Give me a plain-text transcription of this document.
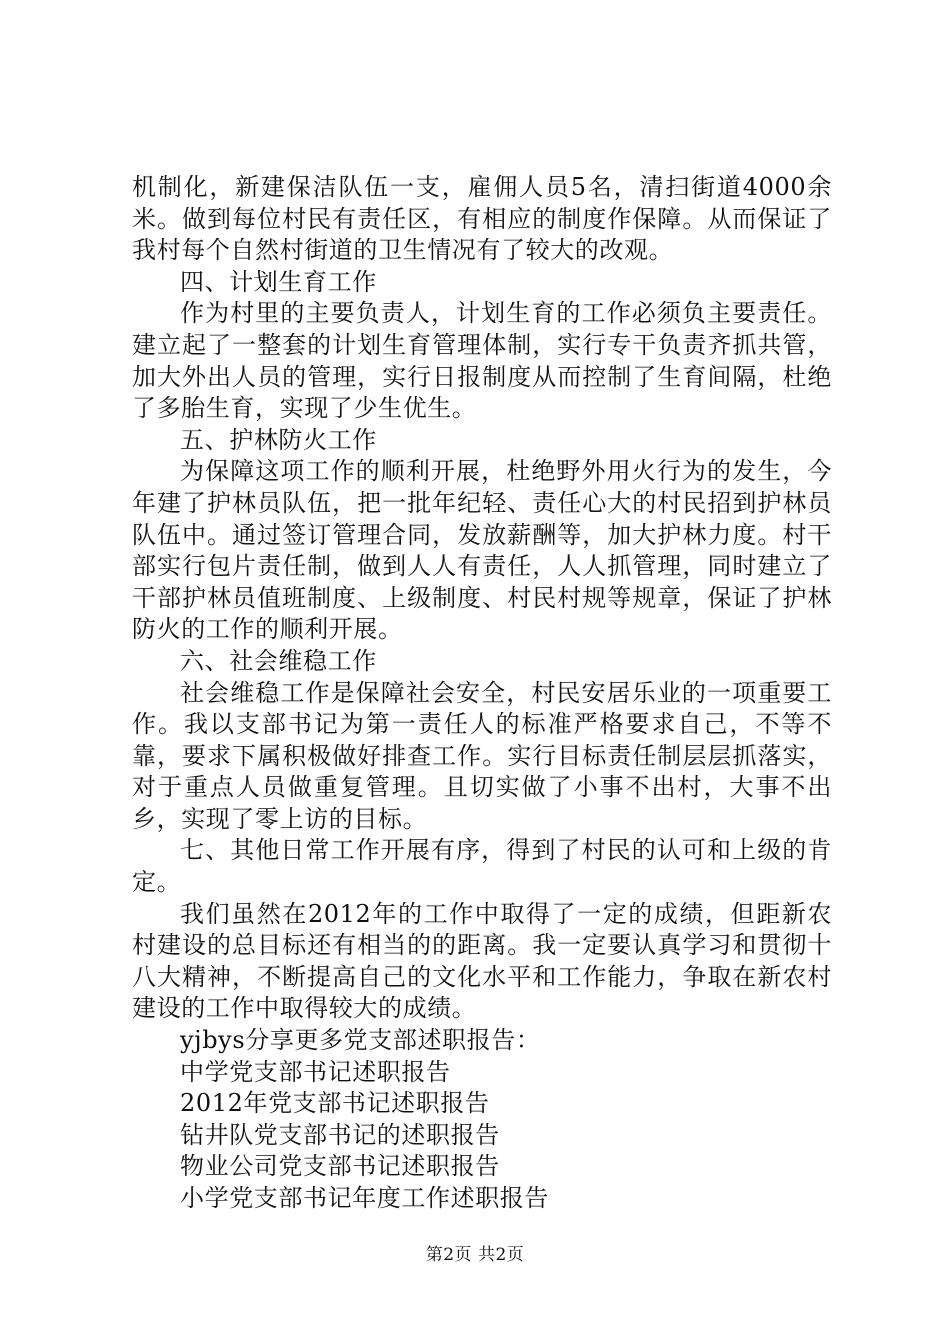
机制化，新建保洁队伍一支，雇佣人员5名，清扫街道4000余米。做到每位村民有责任区，有相应的制度作保障。从而保证了我村每个自然村街道的卫生情况有了较大的改观。

四、计划生育工作

作为村里的主要负责人，计划生育的工作必须负主要责任。建立起了一整套的计划生育管理体制，实行专干负责齐抓共管，加大外出人员的管理，实行日报制度从而控制了生育间隔，杜绝了多胎生育，实现了少生优生。

五、护林防火工作

为保障这项工作的顺利开展，杜绝野外用火行为的发生，今年建了护林员队伍，把一批年纪轻、责任心大的村民招到护林员队伍中。通过签订管理合同，发放薪酬等，加大护林力度。村干部实行包片责任制，做到人人有责任，人人抓管理，同时建立了干部护林员值班制度、上级制度、村民村规等规章，保证了护林防火的工作的顺利开展。

六、社会维稳工作

社会维稳工作是保障社会安全，村民安居乐业的一项重要工作。我以支部书记为第一责任人的标准严格要求自己，不等不靠，要求下属积极做好排查工作。实行目标责任制层层抓落实，对于重点人员做重复管理。且切实做了小事不出村，大事不出乡，实现了零上访的目标。

七、其他日常工作开展有序，得到了村民的认可和上级的肯定。

我们虽然在2012年的工作中取得了一定的成绩，但距新农村建设的总目标还有相当的的距离。我一定要认真学习和贯彻十八大精神，不断提高自己的文化水平和工作能力，争取在新农村建设的工作中取得较大的成绩。

yjbys分享更多党支部述职报告：

中学党支部书记述职报告
2012年党支部书记述职报告
钻井队党支部书记的述职报告
物业公司党支部书记述职报告
小学党支部书记年度工作述职报告
第2页 共2页
